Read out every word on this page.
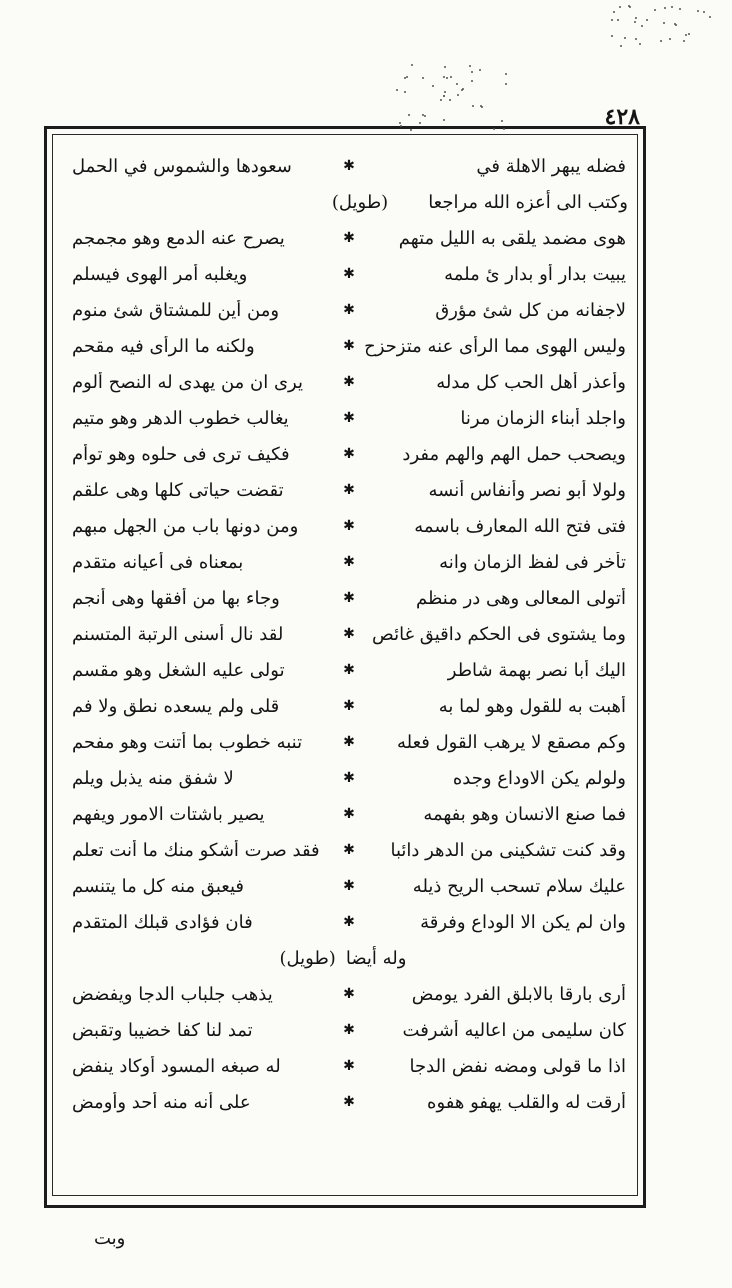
٤٢٨
فضله يبهر الاهلة في
✱
سعودها والشموس في الحمل
وكتب الى أعزه الله مراجعا
(طويل)
هوى مضمد يلقى به الليل متهم
✱
يصرح عنه الدمع وهو مجمجم
يبيت بدار أو بدار ئ ملمه
✱
ويغلبه أمر الهوى فيسلم
لاجفانه من كل شئ مؤرق
✱
ومن أين للمشتاق شئ منوم
وليس الهوى مما الرأى عنه متزحزح
✱
ولكنه ما الرأى فيه مقحم
وأعذر أهل الحب كل مدله
✱
يرى ان من يهدى له النصح ألوم
واجلد أبناء الزمان مرنا
✱
يغالب خطوب الدهر وهو متيم
ويصحب حمل الهم والهم مفرد
✱
فكيف ترى فى حلوه وهو توأم
ولولا أبو نصر وأنفاس أنسه
✱
تقضت حياتى كلها وهى علقم
فتى فتح الله المعارف باسمه
✱
ومن دونها باب من الجهل مبهم
تأخر فى لفظ الزمان وانه
✱
بمعناه فى أعيانه متقدم
أتولى المعالى وهى در منظم
✱
وجاء بها من أفقها وهى أنجم
وما يشتوى فى الحكم داقيق غائص
✱
لقد نال أسنى الرتبة المتسنم
اليك أبا نصر بهمة شاطر
✱
تولى عليه الشغل وهو مقسم
أهبت به للقول وهو لما به
✱
قلى ولم يسعده نطق ولا فم
وكم مصقع لا يرهب القول فعله
✱
تنبه خطوب بما أتنت وهو مفحم
ولولم يكن الاوداع وجده
✱
لا شفق منه يذبل ويلم
فما صنع الانسان وهو بفهمه
✱
يصير باشتات الامور ويفهم
وقد كنت تشكينى من الدهر دائبا
✱
فقد صرت أشكو منك ما أنت تعلم
عليك سلام تسحب الريح ذيله
✱
فيعبق منه كل ما يتنسم
وان لم يكن الا الوداع وفرقة
✱
فان فؤادى قبلك المتقدم
وله أيضا
(طويل)
أرى بارقا بالابلق الفرد يومض
✱
يذهب جلباب الدجا ويفضض
كان سليمى من اعاليه أشرفت
✱
تمد لنا كفا خضيبا وتقبض
اذا ما قولى ومضه نفض الدجا
✱
له صبغه المسود أوكاد ينفض
أرقت له والقلب يهفو هفوه
✱
على أنه منه أحد وأومض
وبت
